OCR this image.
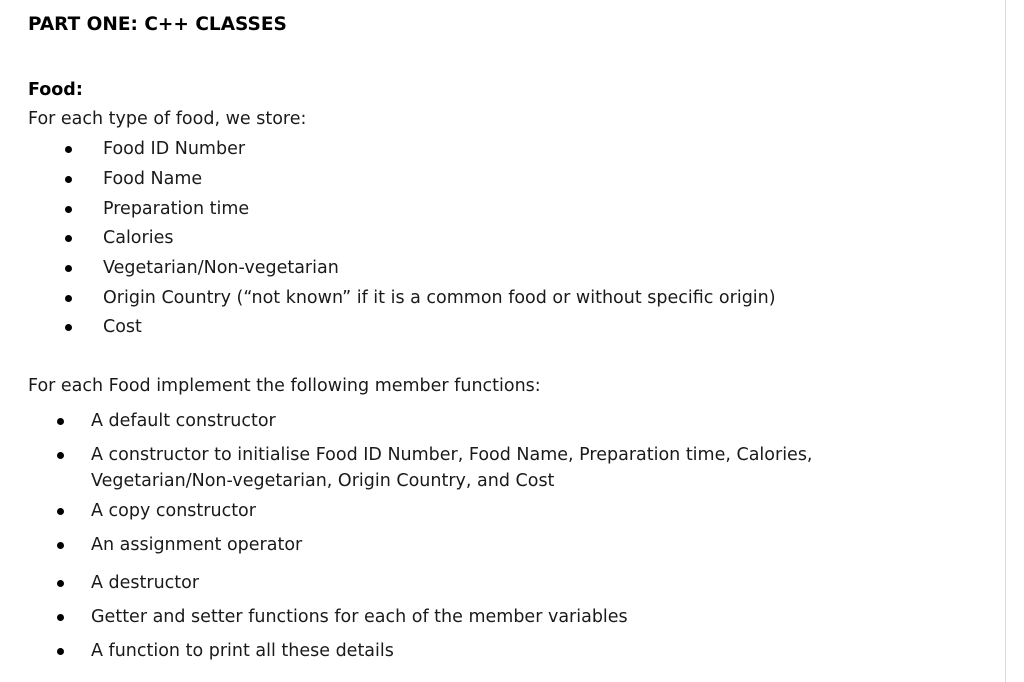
PART ONE: C++ CLASSES
Food:
For each type of food, we store:
Food ID Number
Food Name
Preparation time
Calories
Vegetarian/Non-vegetarian
Origin Country (“not known” if it is a common food or without specific origin)
Cost
For each Food implement the following member functions:
A default constructor
A constructor to initialise Food ID Number, Food Name, Preparation time, Calories,
Vegetarian/Non-vegetarian, Origin Country, and Cost
A copy constructor
An assignment operator
A destructor
Getter and setter functions for each of the member variables
A function to print all these details
